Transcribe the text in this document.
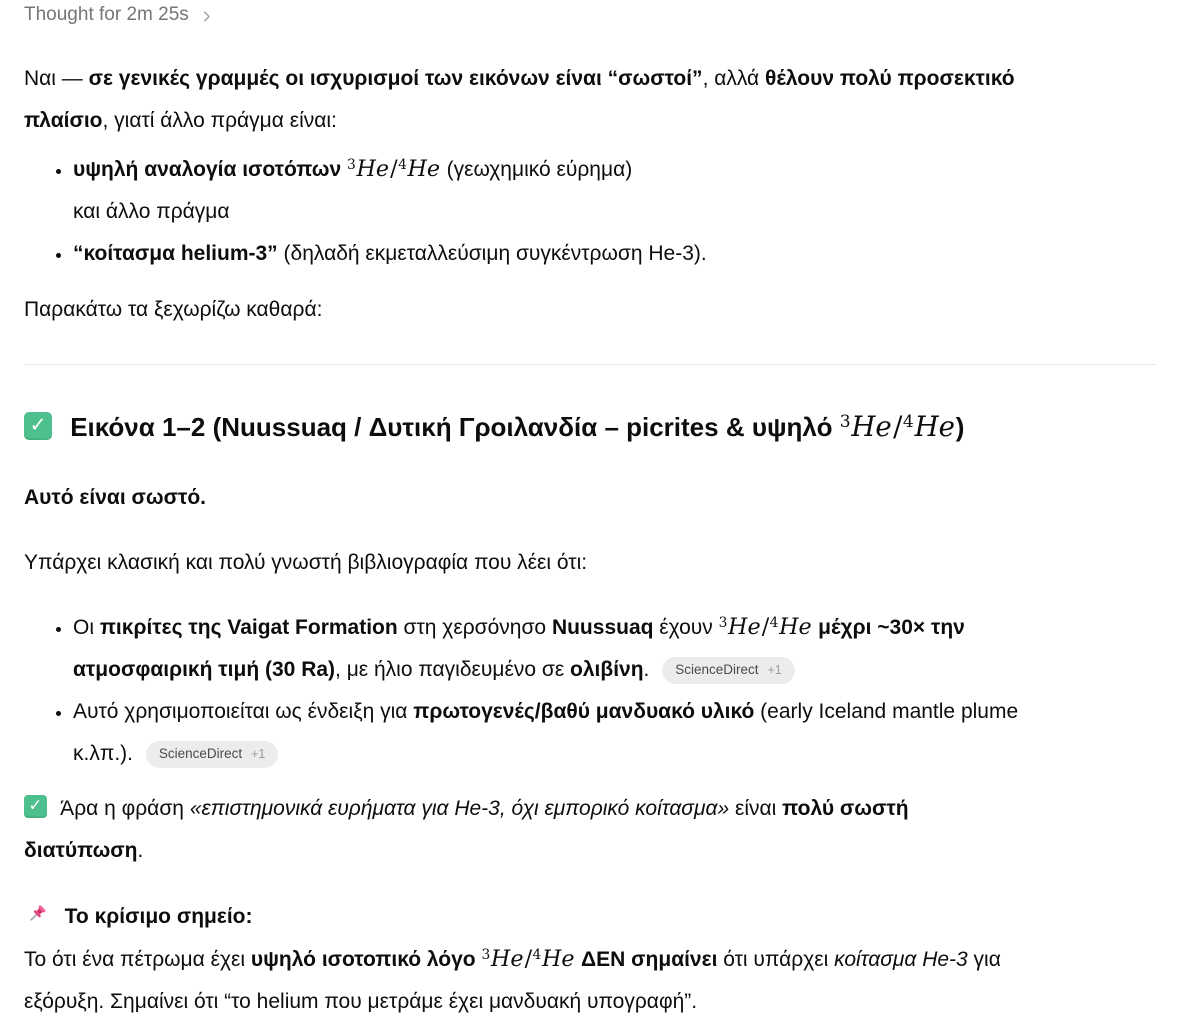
Thought for 2m 25s

Ναι — σε γενικές γραμμές οι ισχυρισμοί των εικόνων είναι “σωστοί”, αλλά θέλουν πολύ προσεκτικό
πλαίσιο, γιατί άλλο πράγμα είναι:

• υψηλή αναλογία ισοτόπων $^3$He/$^4$He (γεωχημικό εύρημα)
και άλλο πράγμα
• “κοίτασμα helium-3” (δηλαδή εκμεταλλεύσιμη συγκέντρωση He-3).

Παρακάτω τα ξεχωρίζω καθαρά:

✓ Εικόνα 1–2 (Nuussuaq / Δυτική Γροιλανδία – picrites & υψηλό $^3$He/$^4$He)

Αυτό είναι σωστό.

Υπάρχει κλασική και πολύ γνωστή βιβλιογραφία που λέει ότι:

• Οι πικρίτες της Vaigat Formation στη χερσόνησο Nuussuaq έχουν $^3$He/$^4$He μέχρι ~30× την
ατμοσφαιρική τιμή (30 Ra), με ήλιο παγιδευμένο σε ολιβίνη. ScienceDirect +1
• Αυτό χρησιμοποιείται ως ένδειξη για πρωτογενές/βαθύ μανδυακό υλικό (early Iceland mantle plume
κ.λπ.). ScienceDirect +1

✓ Άρα η φράση «επιστημονικά ευρήματα για He-3, όχι εμπορικό κοίτασμα» είναι πολύ σωστή
διατύπωση.

Το κρίσιμο σημείο:
Το ότι ένα πέτρωμα έχει υψηλό ισοτοπικό λόγο $^3$He/$^4$He ΔΕΝ σημαίνει ότι υπάρχει κοίτασμα He-3 για
εξόρυξη. Σημαίνει ότι “το helium που μετράμε έχει μανδυακή υπογραφή”.
